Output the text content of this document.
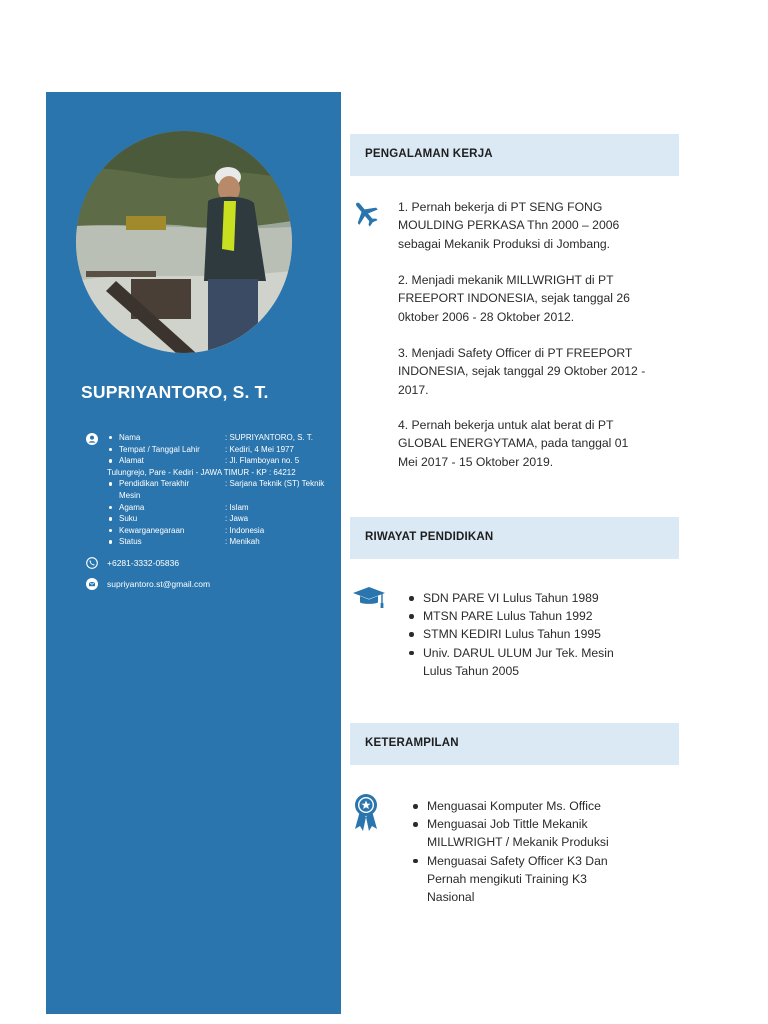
SUPRIYANTORO, S. T.
Nama	: SUPRIYANTORO, S. T.
Tempat / Tanggal Lahir	: Kediri, 4 Mei 1977
Alamat	: Jl. Flamboyan no. 5
Tulungrejo, Pare - Kediri - JAWA TIMUR - KP : 64212
Pendidikan Terakhir	: Sarjana Teknik (ST) Teknik
Mesin
Agama	: Islam
Suku	: Jawa
Kewarganegaraan	: Indonesia
Status	: Menikah
+6281-3332-05836
supriyantoro.st@gmail.com
PENGALAMAN KERJA

1. Pernah bekerja di PT SENG FONG MOULDING PERKASA Thn 2000 – 2006 sebagai Mekanik Produksi di Jombang.

2. Menjadi mekanik MILLWRIGHT di PT FREEPORT INDONESIA, sejak tanggal 26 0ktober 2006 - 28 Oktober 2012.

3. Menjadi Safety Officer di PT FREEPORT INDONESIA, sejak tanggal 29 Oktober 2012 - 2017.

4. Pernah bekerja untuk alat berat di PT GLOBAL ENERGYTAMA, pada tanggal 01 Mei 2017 - 15 Oktober 2019.

RIWAYAT PENDIDIKAN
SDN PARE VI Lulus Tahun 1989
MTSN PARE Lulus Tahun 1992
STMN KEDIRI Lulus Tahun 1995
Univ. DARUL ULUM Jur Tek. Mesin Lulus Tahun 2005
KETERAMPILAN
Menguasai Komputer Ms. Office
Menguasai Job Tittle Mekanik MILLWRIGHT / Mekanik Produksi
Menguasai Safety Officer K3 Dan Pernah mengikuti Training K3 Nasional
